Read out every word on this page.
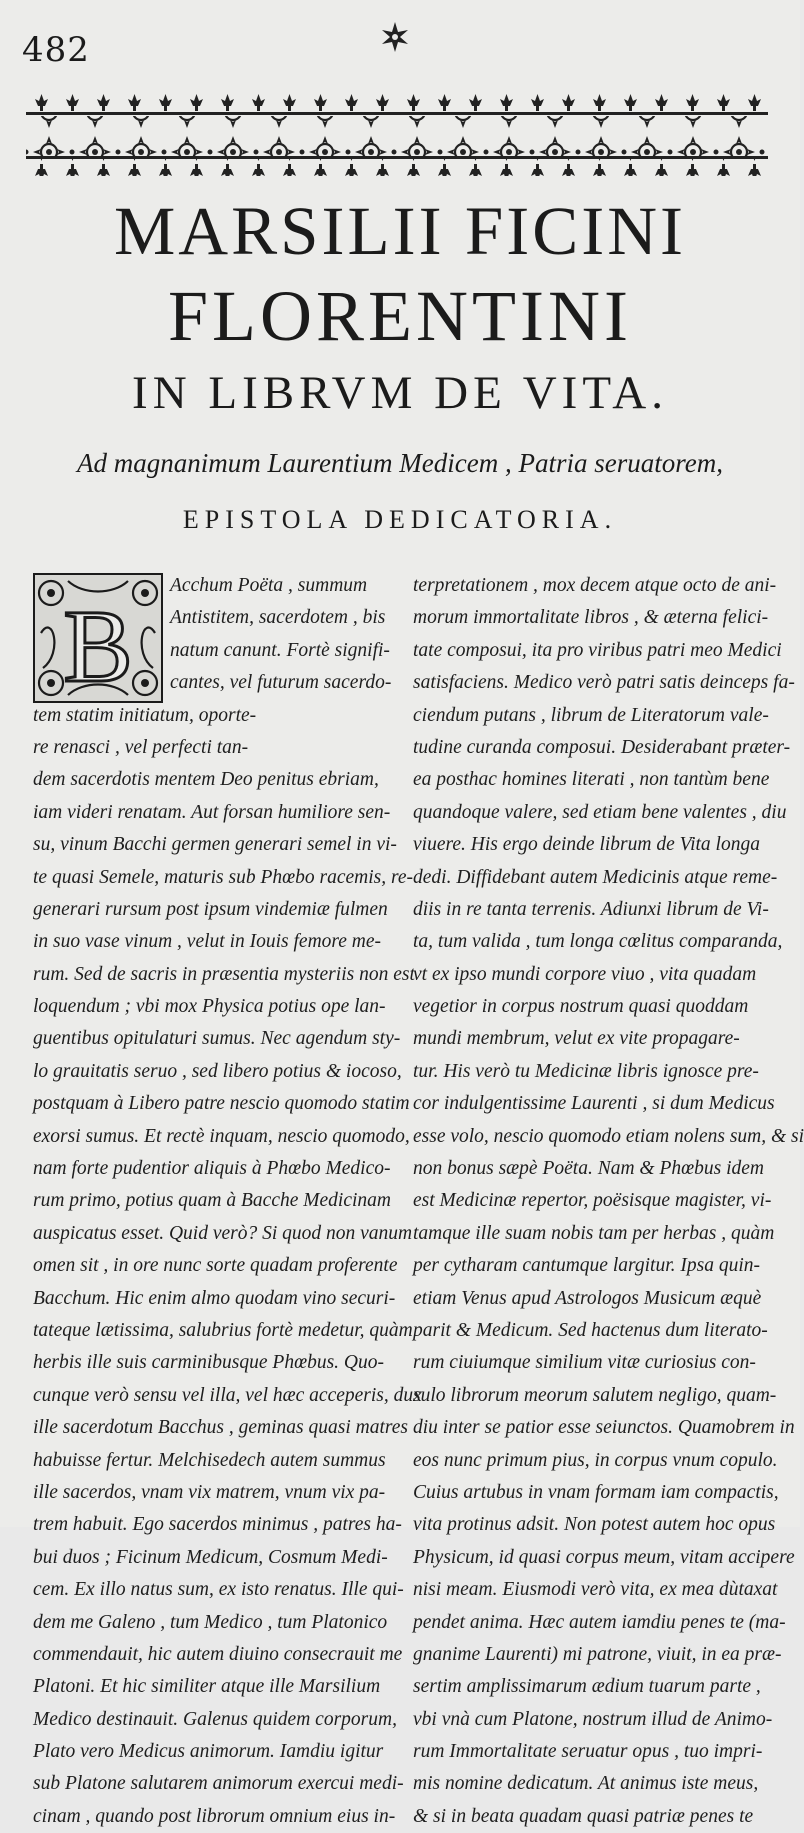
482
MARSILII FICINI
FLORENTINI
IN LIBRVM DE VITA.
Ad magnanimum Laurentium Medicem , Patria seruatorem,
EPISTOLA DEDICATORIA.
B
Acchum Poëta , summum
Antistitem, sacerdotem , bis
natum canunt. Fortè signifi-
cantes, vel futurum sacerdo-
tem statim initiatum, oporte-
re renasci , vel perfecti tan-
dem sacerdotis mentem Deo penitus ebriam,
iam videri renatam. Aut forsan humiliore sen-
su, vinum Bacchi germen generari semel in vi-
te quasi Semele, maturis sub Phœbo racemis, re-
generari rursum post ipsum vindemiæ fulmen
in suo vase vinum , velut in Iouis femore me-
rum. Sed de sacris in præsentia mysteriis non est
loquendum ; vbi mox Physica potius ope lan-
guentibus opitulaturi sumus. Nec agendum sty-
lo grauitatis seruo , sed libero potius & iocoso,
postquam à Libero patre nescio quomodo statim
exorsi sumus. Et rectè inquam, nescio quomodo,
nam forte pudentior aliquis à Phœbo Medico-
rum primo, potius quam à Bacche Medicinam
auspicatus esset. Quid verò? Si quod non vanum
omen sit , in ore nunc sorte quadam proferente
Bacchum. Hic enim almo quodam vino securi-
tateque lætissima, salubrius fortè medetur, quàm
herbis ille suis carminibusque Phœbus. Quo-
cunque verò sensu vel illa, vel hæc acceperis, dux
ille sacerdotum Bacchus , geminas quasi matres
habuisse fertur. Melchisedech autem summus
ille sacerdos, vnam vix matrem, vnum vix pa-
trem habuit. Ego sacerdos minimus , patres ha-
bui duos ; Ficinum Medicum, Cosmum Medi-
cem. Ex illo natus sum, ex isto renatus. Ille qui-
dem me Galeno , tum Medico , tum Platonico
commendauit, hic autem diuino consecrauit me
Platoni. Et hic similiter atque ille Marsilium
Medico destinauit. Galenus quidem corporum,
Plato vero Medicus animorum. Iamdiu igitur
sub Platone salutarem animorum exercui medi-
cinam , quando post librorum omnium eius in-
terpretationem , mox decem atque octo de ani-
morum immortalitate libros , & æterna felici-
tate composui, ita pro viribus patri meo Medici
satisfaciens. Medico verò patri satis deinceps fa-
ciendum putans , librum de Literatorum vale-
tudine curanda composui. Desiderabant præter-
ea posthac homines literati , non tantùm bene
quandoque valere, sed etiam bene valentes , diu
viuere. His ergo deinde librum de Vita longa
dedi. Diffidebant autem Medicinis atque reme-
diis in re tanta terrenis. Adiunxi librum de Vi-
ta, tum valida , tum longa cœlitus comparanda,
vt ex ipso mundi corpore viuo , vita quadam
vegetior in corpus nostrum quasi quoddam
mundi membrum, velut ex vite propagare-
tur. His verò tu Medicinæ libris ignosce pre-
cor indulgentissime Laurenti , si dum Medicus
esse volo, nescio quomodo etiam nolens sum, & si
non bonus sæpè Poëta. Nam & Phœbus idem
est Medicinæ repertor, poësisque magister, vi-
tamque ille suam nobis tam per herbas , quàm
per cytharam cantumque largitur. Ipsa quin-
etiam Venus apud Astrologos Musicum æquè
parit & Medicum. Sed hactenus dum literato-
rum ciuiumque similium vitæ curiosius con-
sulo librorum meorum salutem negligo, quam-
diu inter se patior esse seiunctos. Quamobrem in
eos nunc primum pius, in corpus vnum copulo.
Cuius artubus in vnam formam iam compactis,
vita protinus adsit. Non potest autem hoc opus
Physicum, id quasi corpus meum, vitam accipere
nisi meam. Eiusmodi verò vita, ex mea dùtaxat
pendet anima. Hæc autem iamdiu penes te (ma-
gnanime Laurenti) mi patrone, viuit, in ea præ-
sertim amplissimarum ædium tuarum parte ,
vbi vnà cum Platone, nostrum illud de Animo-
rum Immortalitate seruatur opus , tuo impri-
mis nomine dedicatum. At animus iste meus,
& si in beata quadam quasi patriæ penes te
